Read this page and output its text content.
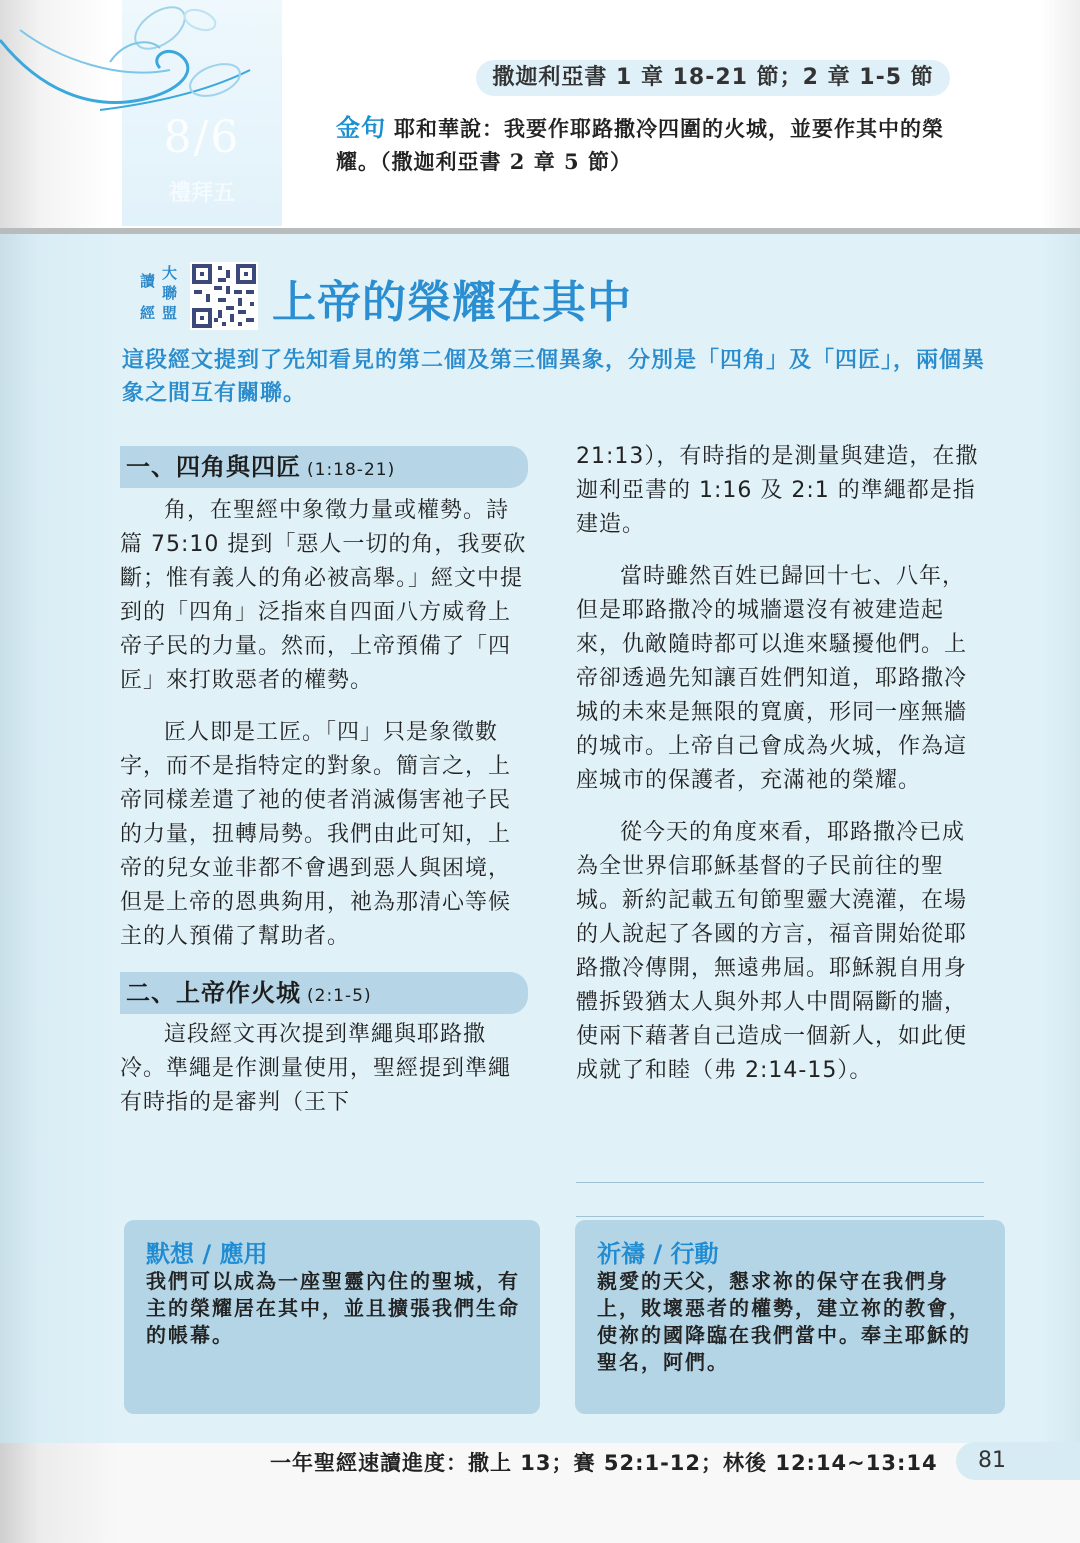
8/6
禮拜五
撒迦利亞書 1 章 18-21 節；2 章 1-5 節
金句 耶和華說：我要作耶路撒冷四圍的火城，並要作其中的榮耀。（撒迦利亞書 2 章 5 節）
讀 大
聯
經 盟 上帝的榮耀在其中
這段經文提到了先知看見的第二個及第三個異象，分別是「四角」及「四匠」，兩個異象之間互有關聯。
一、四角與四匠 (1:18-21)

角，在聖經中象徵力量或權勢。詩篇 75:10 提到「惡人一切的角，我要砍斷；惟有義人的角必被高舉。」經文中提到的「四角」泛指來自四面八方威脅上帝子民的力量。然而，上帝預備了「四匠」來打敗惡者的權勢。

匠人即是工匠。「四」只是象徵數字，而不是指特定的對象。簡言之，上帝同樣差遣了祂的使者消滅傷害祂子民的力量，扭轉局勢。我們由此可知，上帝的兒女並非都不會遇到惡人與困境，但是上帝的恩典夠用，祂為那清心等候主的人預備了幫助者。

二、上帝作火城 (2:1-5)

這段經文再次提到準繩與耶路撒冷。準繩是作測量使用，聖經提到準繩有時指的是審判（王下

21:13），有時指的是測量與建造，在撒迦利亞書的 1:16 及 2:1 的準繩都是指建造。

當時雖然百姓已歸回十七、八年，但是耶路撒冷的城牆還沒有被建造起來，仇敵隨時都可以進來騷擾他們。上帝卻透過先知讓百姓們知道，耶路撒冷城的未來是無限的寬廣，形同一座無牆的城市。上帝自己會成為火城，作為這座城市的保護者，充滿祂的榮耀。

從今天的角度來看，耶路撒冷已成為全世界信耶穌基督的子民前往的聖城。新約記載五旬節聖靈大澆灌，在場的人說起了各國的方言，福音開始從耶路撒冷傳開，無遠弗屆。耶穌親自用身體拆毀猶太人與外邦人中間隔斷的牆，使兩下藉著自己造成一個新人，如此便成就了和睦（弗 2:14-15）。

默想 / 應用
我們可以成為一座聖靈內住的聖城，有主的榮耀居在其中，並且擴張我們生命的帳幕。
祈禱 / 行動
親愛的天父，懇求祢的保守在我們身上，敗壞惡者的權勢，建立祢的教會，使祢的國降臨在我們當中。奉主耶穌的聖名，阿們。
一年聖經速讀進度：撒上 13；賽 52:1-12；林後 12:14~13:14	81
